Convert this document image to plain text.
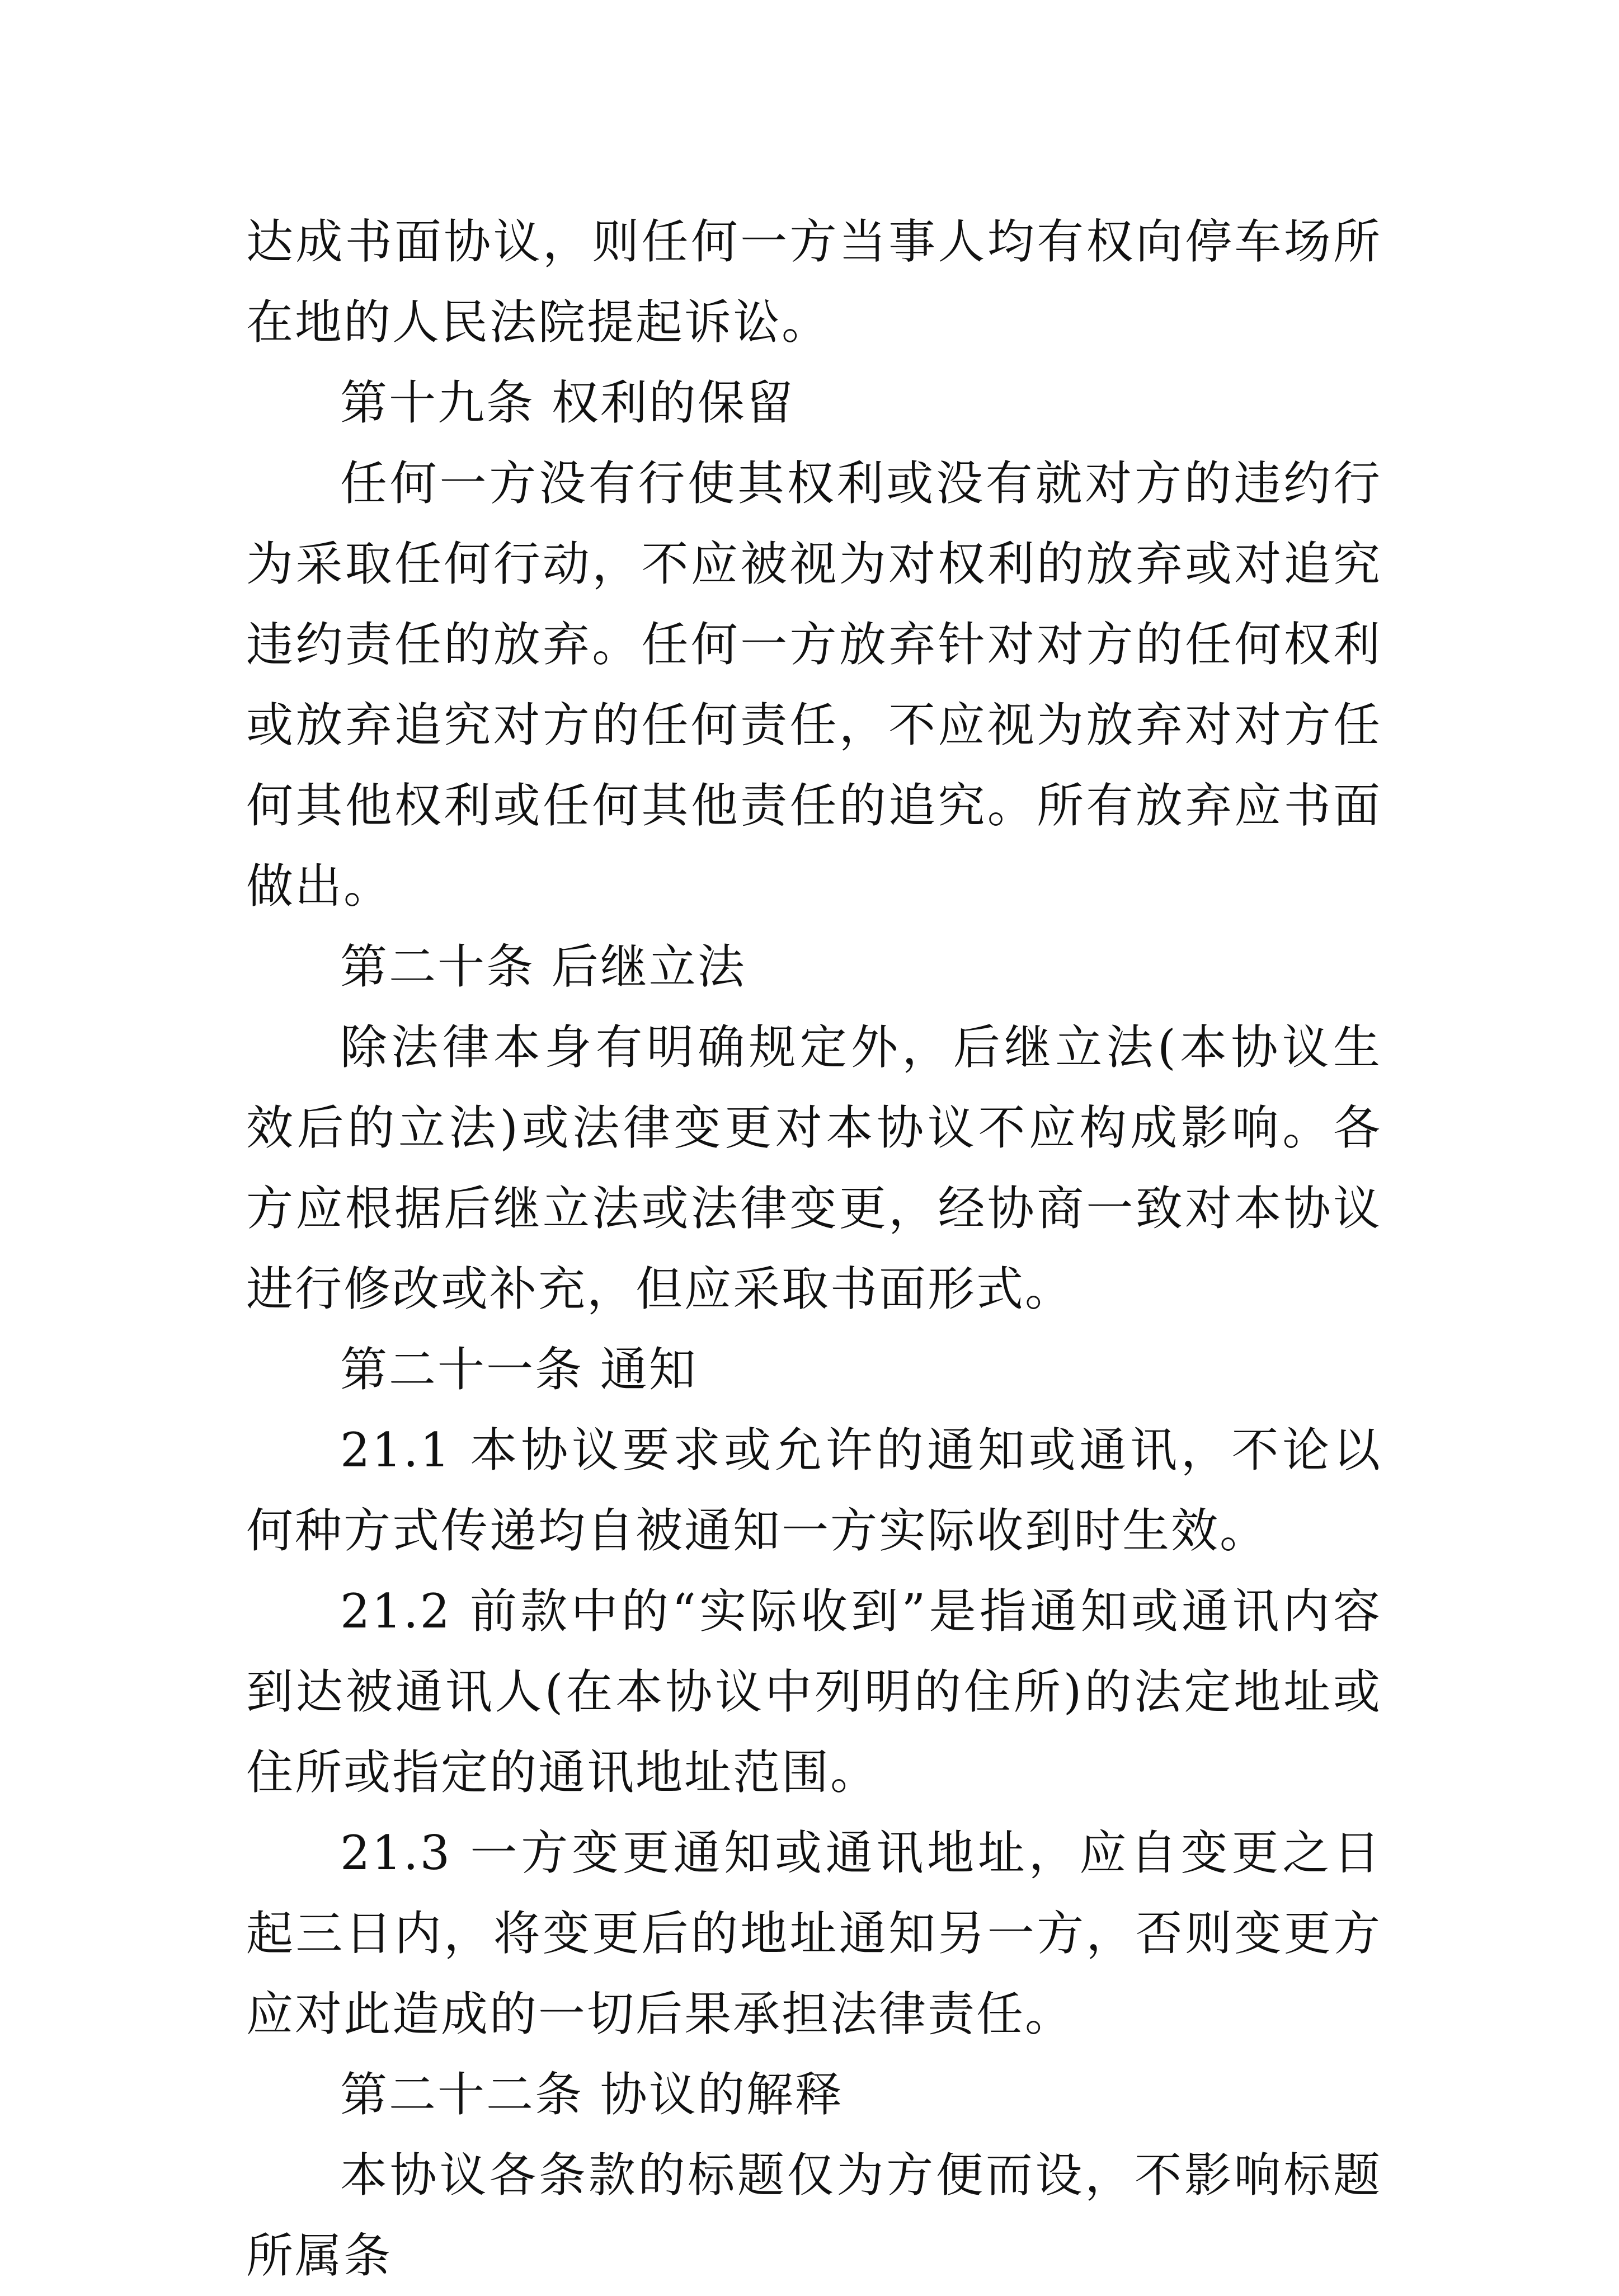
达成书面协议，则任何一方当事人均有权向停车场所在地的人民法院提起诉讼。

第十九条 权利的保留

任何一方没有行使其权利或没有就对方的违约行为采取任何行动，不应被视为对权利的放弃或对追究违约责任的放弃。任何一方放弃针对对方的任何权利或放弃追究对方的任何责任，不应视为放弃对对方任何其他权利或任何其他责任的追究。所有放弃应书面做出。

第二十条 后继立法

除法律本身有明确规定外，后继立法(本协议生效后的立法)或法律变更对本协议不应构成影响。各方应根据后继立法或法律变更，经协商一致对本协议进行修改或补充，但应采取书面形式。

第二十一条 通知

21.1 本协议要求或允许的通知或通讯，不论以何种方式传递均自被通知一方实际收到时生效。

21.2 前款中的“实际收到”是指通知或通讯内容到达被通讯人(在本协议中列明的住所)的法定地址或住所或指定的通讯地址范围。

21.3 一方变更通知或通讯地址，应自变更之日起三日内，将变更后的地址通知另一方，否则变更方应对此造成的一切后果承担法律责任。

第二十二条 协议的解释

本协议各条款的标题仅为方便而设，不影响标题所属条
